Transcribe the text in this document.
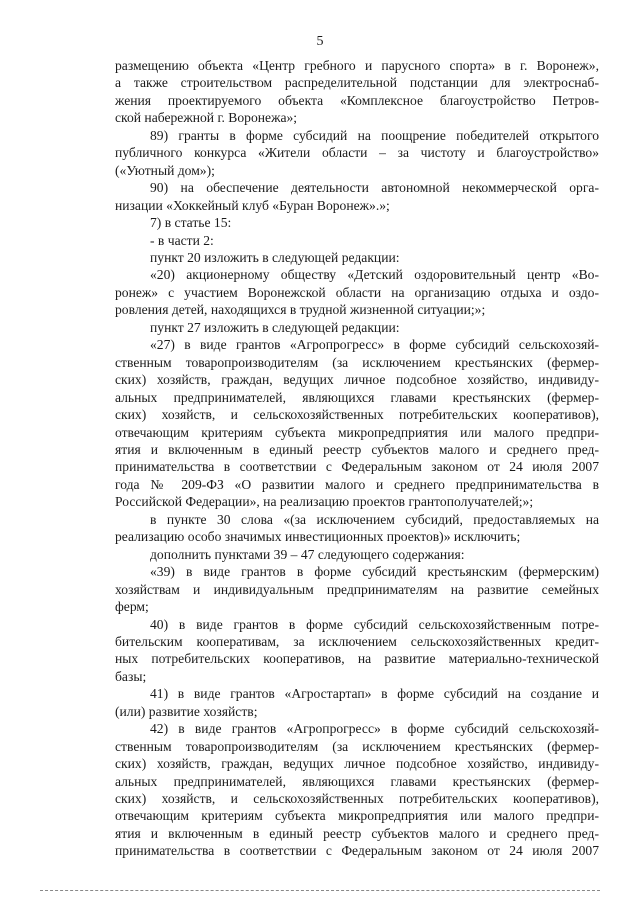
5
размещению объекта «Центр гребного и парусного спорта» в г. Воронеж»,
а также строительством распределительной подстанции для электроснаб-
жения проектируемого объекта «Комплексное благоустройство Петров-
ской набережной г. Воронежа»;
89) гранты в форме субсидий на поощрение победителей открытого
публичного конкурса «Жители области – за чистоту и благоустройство»
(«Уютный дом»);
90) на обеспечение деятельности автономной некоммерческой орга-
низации «Хоккейный клуб «Буран Воронеж».»;
7) в статье 15:
- в части 2:
пункт 20 изложить в следующей редакции:
«20) акционерному обществу «Детский оздоровительный центр «Во-
ронеж» с участием Воронежской области на организацию отдыха и оздо-
ровления детей, находящихся в трудной жизненной ситуации;»;
пункт 27 изложить в следующей редакции:
«27) в виде грантов «Агропрогресс» в форме субсидий сельскохозяй-
ственным товаропроизводителям (за исключением крестьянских (фермер-
ских) хозяйств, граждан, ведущих личное подсобное хозяйство, индивиду-
альных предпринимателей, являющихся главами крестьянских (фермер-
ских) хозяйств, и сельскохозяйственных потребительских кооперативов),
отвечающим критериям субъекта микропредприятия или малого предпри-
ятия и включенным в единый реестр субъектов малого и среднего пред-
принимательства в соответствии с Федеральным законом от 24 июля 2007
года № 209-ФЗ «О развитии малого и среднего предпринимательства в
Российской Федерации», на реализацию проектов грантополучателей;»;
в пункте 30 слова «(за исключением субсидий, предоставляемых на
реализацию особо значимых инвестиционных проектов)» исключить;
дополнить пунктами 39 – 47 следующего содержания:
«39) в виде грантов в форме субсидий крестьянским (фермерским)
хозяйствам и индивидуальным предпринимателям на развитие семейных
ферм;
40) в виде грантов в форме субсидий сельскохозяйственным потре-
бительским кооперативам, за исключением сельскохозяйственных кредит-
ных потребительских кооперативов, на развитие материально-технической
базы;
41) в виде грантов «Агростартап» в форме субсидий на создание и
(или) развитие хозяйств;
42) в виде грантов «Агропрогресс» в форме субсидий сельскохозяй-
ственным товаропроизводителям (за исключением крестьянских (фермер-
ских) хозяйств, граждан, ведущих личное подсобное хозяйство, индивиду-
альных предпринимателей, являющихся главами крестьянских (фермер-
ских) хозяйств, и сельскохозяйственных потребительских кооперативов),
отвечающим критериям субъекта микропредприятия или малого предпри-
ятия и включенным в единый реестр субъектов малого и среднего пред-
принимательства в соответствии с Федеральным законом от 24 июля 2007
